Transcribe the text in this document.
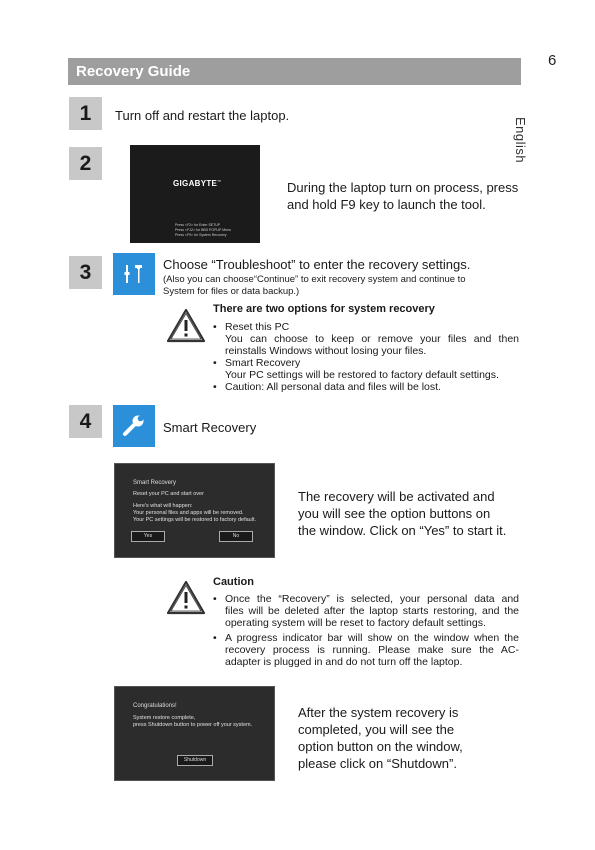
6
English
Recovery Guide
1	Turn off and restart the laptop.
2
GIGABYTE™
Press <F2> for Enter SETUP
Press <F12> for BBS POPUP Menu
Press <F9> for System Recovery
During the laptop turn on process, press
and hold F9 key to launch the tool.
3	Choose “Troubleshoot” to enter the recovery settings.
(Also you can choose“Continue” to exit recovery system and continue to
System for files or data backup.)
There are two options for system recovery
• Reset this PC
You can choose to keep or remove your files and then
reinstalls Windows without losing your files.
• Smart Recovery
Your PC settings will be restored to factory default settings.
• Caution: All personal data and files will be lost.
4	Smart Recovery
Smart Recovery
Reset your PC and start over
Here's what will happen:
Your personal files and apps will be removed.
Your PC settings will be restored to factory default.
Yes	No
The recovery will be activated and
you will see the option buttons on
the window. Click on “Yes” to start it.
Caution
• Once the “Recovery” is selected, your personal data and
files will be deleted after the laptop starts restoring, and the
operating system will be reset to factory default settings.
• A progress indicator bar will show on the window when the
recovery process is running. Please make sure the AC-
adapter is plugged in and do not turn off the laptop.
Congratulations!
System restore complete,
press Shutdown button to power off your system.
Shutdown
After the system recovery is
completed, you will see the
option button on the window,
please click on “Shutdown”.
